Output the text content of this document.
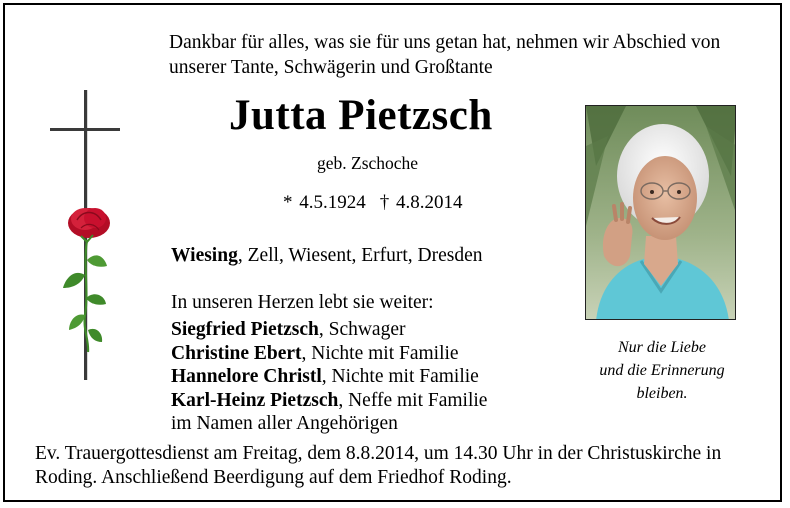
Dankbar für alles, was sie für uns getan hat, nehmen wir Abschied von
unserer Tante, Schwägerin und Großtante
Jutta Pietzsch
geb. Zschoche
* 4.5.1924 † 4.8.2014
Wiesing, Zell, Wiesent, Erfurt, Dresden
In unseren Herzen lebt sie weiter:
Siegfried Pietzsch, Schwager
Christine Ebert, Nichte mit Familie
Hannelore Christl, Nichte mit Familie
Karl-Heinz Pietzsch, Neffe mit Familie
im Namen aller Angehörigen
Nur die Liebe
und die Erinnerung
bleiben.
Ev. Trauergottesdienst am Freitag, dem 8.8.2014, um 14.30 Uhr in der Christuskirche in
Roding. Anschließend Beerdigung auf dem Friedhof Roding.
